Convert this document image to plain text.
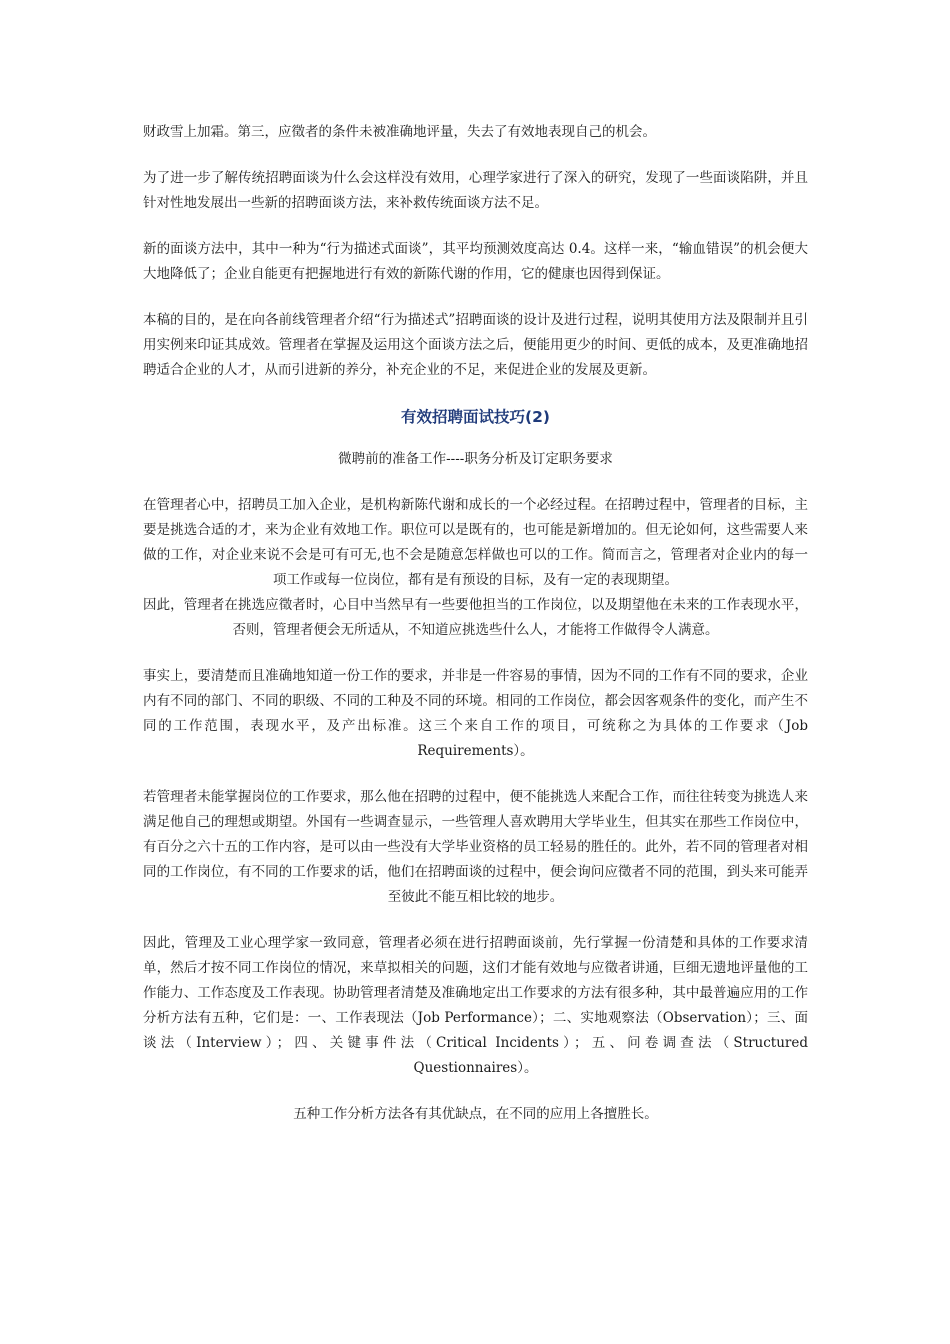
财政雪上加霜。第三，应徵者的条件未被准确地评量，失去了有效地表现自己的机会。

为了进一步了解传统招聘面谈为什么会这样没有效用，心理学家进行了深入的研究，发现了一些面谈陷阱，并且针对性地发展出一些新的招聘面谈方法，来补救传统面谈方法不足。

新的面谈方法中，其中一种为“行为描述式面谈”，其平均预测效度高达 0.4。这样一来，“输血错误”的机会便大大地降低了；企业自能更有把握地进行有效的新陈代谢的作用，它的健康也因得到保证。

本稿的目的，是在向各前线管理者介绍“行为描述式”招聘面谈的设计及进行过程，说明其使用方法及限制并且引用实例来印证其成效。管理者在掌握及运用这个面谈方法之后，便能用更少的时间、更低的成本，及更准确地招聘适合企业的人才，从而引进新的养分，补充企业的不足，来促进企业的发展及更新。

有效招聘面试技巧(2)
微聘前的准备工作----职务分析及订定职务要求

在管理者心中，招聘员工加入企业，是机构新陈代谢和成长的一个必经过程。在招聘过程中，管理者的目标，主要是挑选合适的才，来为企业有效地工作。职位可以是既有的，也可能是新增加的。但无论如何，这些需要人来做的工作，对企业来说不会是可有可无,也不会是随意怎样做也可以的工作。简而言之，管理者对企业内的每一项工作或每一位岗位，都有是有预设的目标，及有一定的表现期望。

因此，管理者在挑选应徵者时，心目中当然早有一些要他担当的工作岗位，以及期望他在未来的工作表现水平，否则，管理者便会无所适从，不知道应挑选些什么人，才能将工作做得令人满意。

事实上，要清楚而且准确地知道一份工作的要求，并非是一件容易的事情，因为不同的工作有不同的要求，企业内有不同的部门、不同的职级、不同的工种及不同的环境。相同的工作岗位，都会因客观条件的变化，而产生不同的工作范围，表现水平，及产出标准。这三个来自工作的项目，可统称之为具体的工作要求（Job Requirements）。

若管理者未能掌握岗位的工作要求，那么他在招聘的过程中，便不能挑选人来配合工作，而往往转变为挑选人来满足他自己的理想或期望。外国有一些调查显示，一些管理人喜欢聘用大学毕业生，但其实在那些工作岗位中，有百分之六十五的工作内容，是可以由一些没有大学毕业资格的员工轻易的胜任的。此外，若不同的管理者对相同的工作岗位，有不同的工作要求的话，他们在招聘面谈的过程中，便会询问应徵者不同的范围，到头来可能弄至彼此不能互相比较的地步。

因此，管理及工业心理学家一致同意，管理者必须在进行招聘面谈前，先行掌握一份清楚和具体的工作要求清单，然后才按不同工作岗位的情况，来草拟相关的问题，这们才能有效地与应徵者讲通，巨细无遗地评量他的工作能力、工作态度及工作表现。协助管理者清楚及准确地定出工作要求的方法有很多种，其中最普遍应用的工作分析方法有五种，它们是：一、工作表现法（Job Performance）；二、实地观察法（Observation）；三、面谈法（Interview）；四、关键事件法（Critical Incidents）；五、问卷调查法（Structured Questionnaires）。

五种工作分析方法各有其优缺点，在不同的应用上各擅胜长。
